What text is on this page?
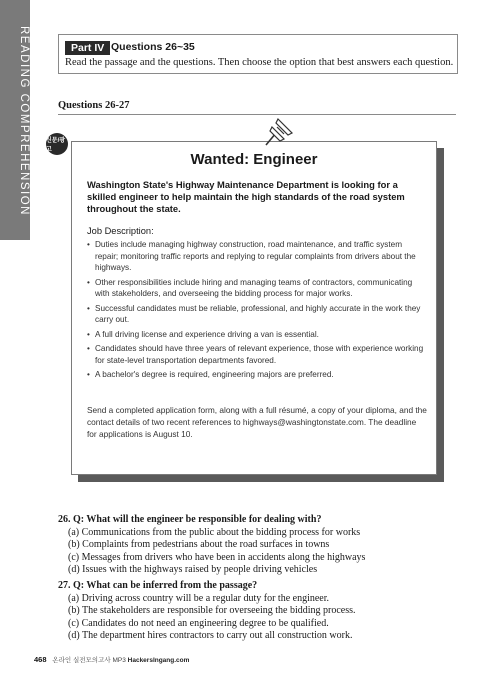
READING COMPREHENSION	Part IV Questions 26~35
Read the passage and the questions. Then choose the option that best answers each question.
Questions 26-27
Wanted: Engineer
Washington State's Highway Maintenance Department is looking for a skilled engineer to help maintain the high standards of the road system throughout the state.
Job Description:
• Duties include managing highway construction, road maintenance, and traffic system repair; monitoring traffic reports and replying to regular complaints from drivers about the highways.
• Other responsibilities include hiring and managing teams of contractors, communicating with stakeholders, and overseeing the bidding process for major works.
• Successful candidates must be reliable, professional, and highly accurate in the work they carry out.
• A full driving license and experience driving a van is essential.
• Candidates should have three years of relevant experience, those with experience working for state-level transportation departments favored.
• A bachelor's degree is required, engineering majors are preferred.
Send a completed application form, along with a full résumé, a copy of your diploma, and the contact details of two recent references to highways@washingtonstate.com. The deadline for applications is August 10.
신문/광고
26. Q: What will the engineer be responsible for dealing with?
(a) Communications from the public about the bidding process for works
(b) Complaints from pedestrians about the road surfaces in towns
(c) Messages from drivers who have been in accidents along the highways
(d) Issues with the highways raised by people driving vehicles
27. Q: What can be inferred from the passage?
(a) Driving across country will be a regular duty for the engineer.
(b) The stakeholders are responsible for overseeing the bidding process.
(c) Candidates do not need an engineering degree to be qualified.
(d) The department hires contractors to carry out all construction work.
468 온라인 실전모의고사 MP3 HackersIngang.com
